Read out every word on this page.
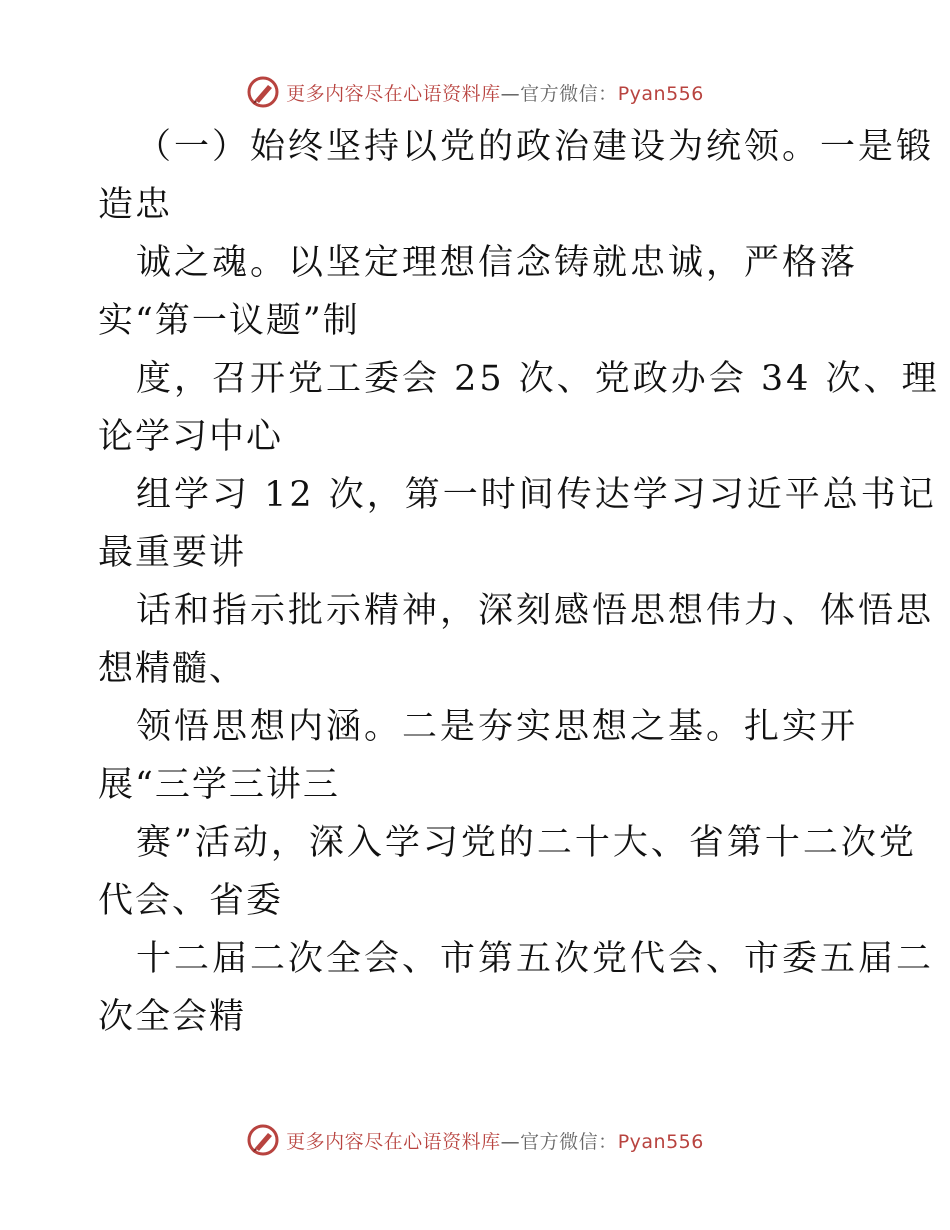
更多内容尽在心语资料库—官方微信：Pyan556
（一）始终坚持以党的政治建设为统领。一是锻
造忠
诚之魂。以坚定理想信念铸就忠诚，严格落
实“第一议题”制
度，召开党工委会 25 次、党政办会 34 次、理
论学习中心
组学习 12 次，第一时间传达学习习近平总书记
最重要讲
话和指示批示精神，深刻感悟思想伟力、体悟思
想精髓、
领悟思想内涵。二是夯实思想之基。扎实开
展“三学三讲三
赛”活动，深入学习党的二十大、省第十二次党
代会、省委
十二届二次全会、市第五次党代会、市委五届二
次全会精
更多内容尽在心语资料库—官方微信：Pyan556
